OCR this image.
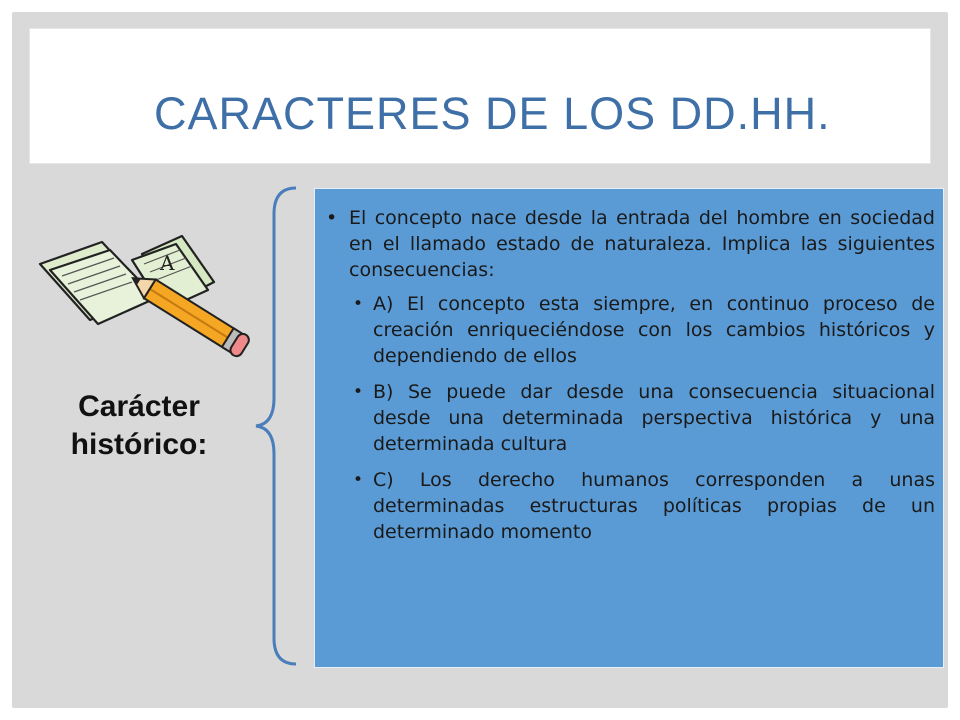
CARACTERES DE LOS DD.HH.
A

Carácter histórico:

• El concepto nace desde la entrada del hombre en sociedad en el llamado estado de naturaleza. Implica las siguientes consecuencias:
• A) El concepto esta siempre, en continuo proceso de creación enriqueciéndose con los cambios históricos y dependiendo de ellos
• B) Se puede dar desde una consecuencia situacional desde una determinada perspectiva histórica y una determinada cultura
• C) Los derecho humanos corresponden a unas determinadas estructuras políticas propias de un determinado momento
